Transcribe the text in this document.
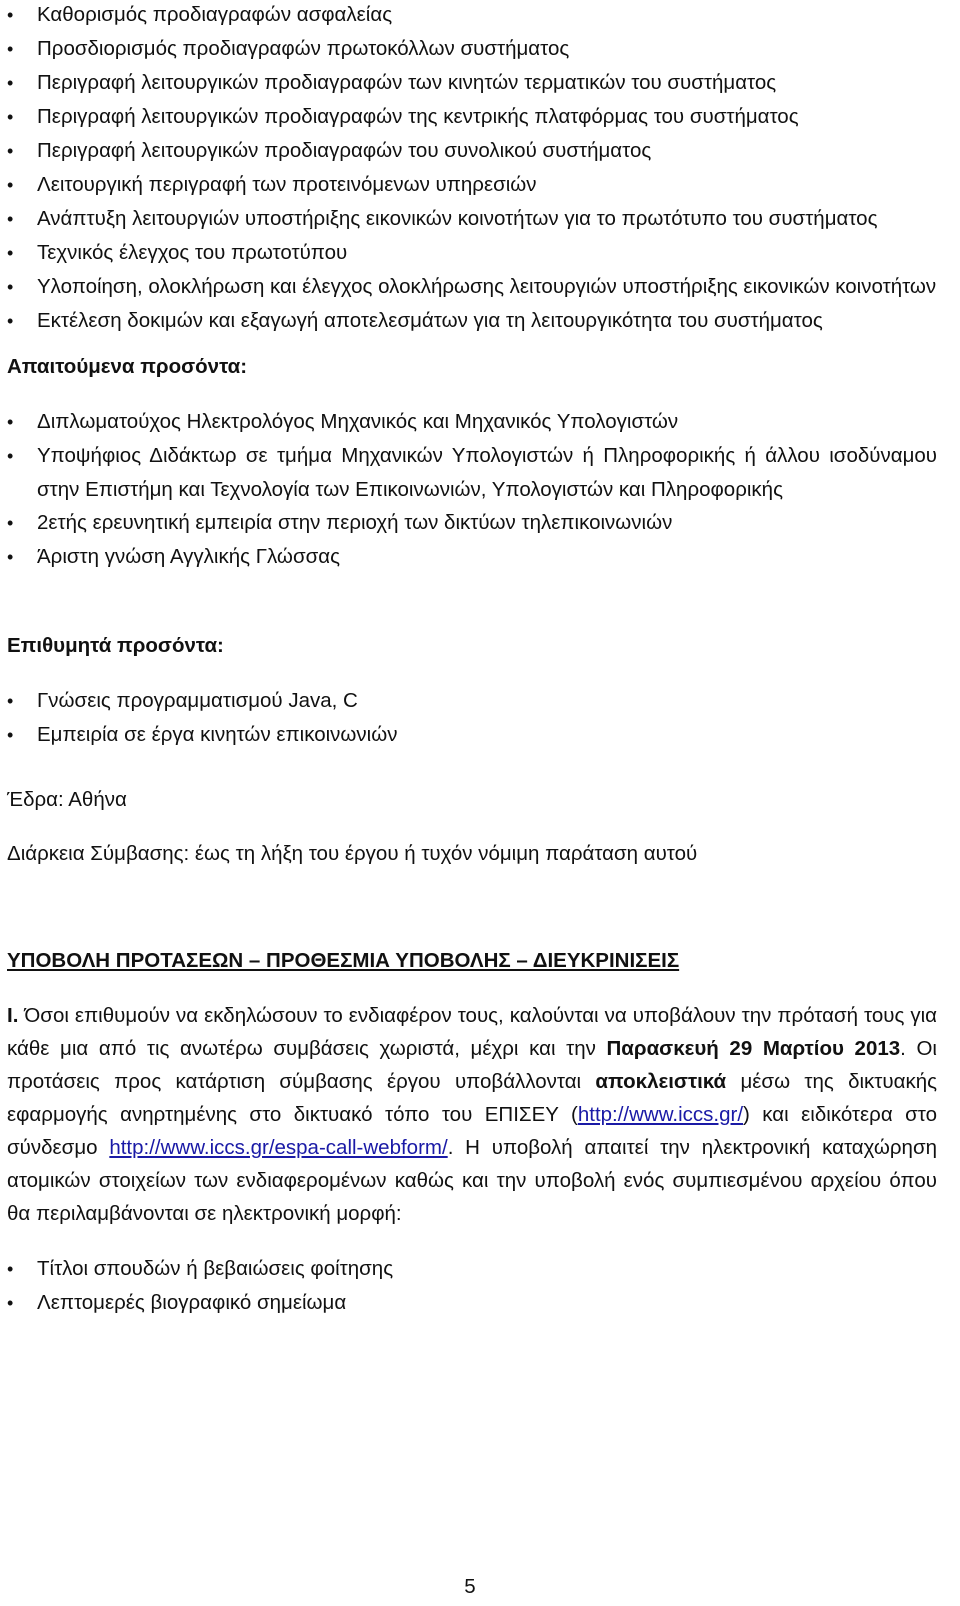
• Καθορισμός προδιαγραφών ασφαλείας
• Προσδιορισμός προδιαγραφών πρωτοκόλλων συστήματος
• Περιγραφή λειτουργικών προδιαγραφών των κινητών τερματικών του συστήματος
• Περιγραφή λειτουργικών προδιαγραφών της κεντρικής πλατφόρμας του συστήματος
• Περιγραφή λειτουργικών προδιαγραφών του συνολικού συστήματος
• Λειτουργική περιγραφή των προτεινόμενων υπηρεσιών
• Ανάπτυξη λειτουργιών υποστήριξης εικονικών κοινοτήτων για το πρωτότυπο του συστήματος
• Τεχνικός έλεγχος του πρωτοτύπου
• Υλοποίηση, ολοκλήρωση και έλεγχος ολοκλήρωσης λειτουργιών υποστήριξης εικονικών κοινοτήτων
• Εκτέλεση δοκιμών και εξαγωγή αποτελεσμάτων για τη λειτουργικότητα του συστήματος

Απαιτούμενα προσόντα:

• Διπλωματούχος Ηλεκτρολόγος Μηχανικός και Μηχανικός Υπολογιστών
• Υποψήφιος Διδάκτωρ σε τμήμα Μηχανικών Υπολογιστών ή Πληροφορικής ή άλλου ισοδύναμου στην Επιστήμη και Τεχνολογία των Επικοινωνιών, Υπολογιστών και Πληροφορικής
• 2ετής ερευνητική εμπειρία στην περιοχή των δικτύων τηλεπικοινωνιών
• Άριστη γνώση Αγγλικής Γλώσσας

Επιθυμητά προσόντα:

• Γνώσεις προγραμματισμού Java, C
• Εμπειρία σε έργα κινητών επικοινωνιών

Έδρα: Αθήνα

Διάρκεια Σύμβασης: έως τη λήξη του έργου ή τυχόν νόμιμη παράταση αυτού

ΥΠΟΒΟΛΗ ΠΡΟΤΑΣΕΩΝ – ΠΡΟΘΕΣΜΙΑ ΥΠΟΒΟΛΗΣ – ΔΙΕΥΚΡΙΝΙΣΕΙΣ

Ι. Όσοι επιθυμούν να εκδηλώσουν το ενδιαφέρον τους, καλούνται να υποβάλουν την πρότασή τους για κάθε μια από τις ανωτέρω συμβάσεις χωριστά, μέχρι και την Παρασκευή 29 Μαρτίου 2013. Οι προτάσεις προς κατάρτιση σύμβασης έργου υποβάλλονται αποκλειστικά μέσω της δικτυακής εφαρμογής ανηρτημένης στο δικτυακό τόπο του ΕΠΙΣΕΥ (http://www.iccs.gr/) και ειδικότερα στο σύνδεσμο http://www.iccs.gr/espa-call-webform/. Η υποβολή απαιτεί την ηλεκτρονική καταχώρηση ατομικών στοιχείων των ενδιαφερομένων καθώς και την υποβολή ενός συμπιεσμένου αρχείου όπου θα περιλαμβάνονται σε ηλεκτρονική μορφή:

• Τίτλοι σπουδών ή βεβαιώσεις φοίτησης
• Λεπτομερές βιογραφικό σημείωμα
5
